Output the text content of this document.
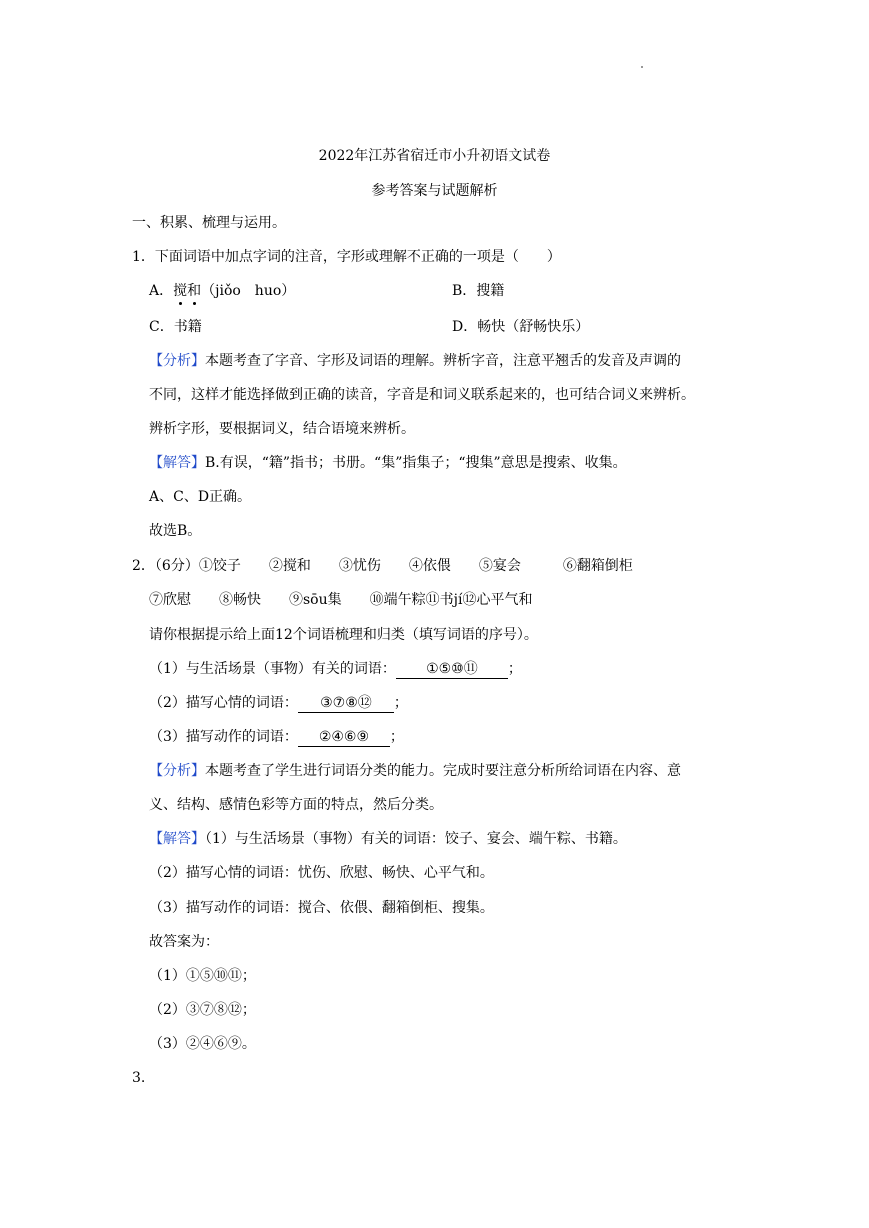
2022年江苏省宿迁市小升初语文试卷
参考答案与试题解析
一、积累、梳理与运用。
1．下面词语中加点字词的注音，字形或理解不正确的一项是（　　）
A．搅和（jiǒo　huo）	B．搜籍
C．书籍	D．畅快（舒畅快乐）
【分析】本题考查了字音、字形及词语的理解。辨析字音，注意平翘舌的发音及声调的
不同，这样才能选择做到正确的读音，字音是和词义联系起来的，也可结合词义来辨析。
辨析字形，要根据词义，结合语境来辨析。
【解答】B.有误，“籍”指书；书册。“集”指集子；“搜集”意思是搜索、收集。
A、C、D正确。
故选B。
2．（6分）①饺子　　②搅和　　③忧伤　　④依偎　　⑤宴会　　　⑥翻箱倒柜
⑦欣慰　　⑧畅快　　⑨sōu集　　⑩端午粽⑪书jí⑫心平气和
请你根据提示给上面12个词语梳理和归类（填写词语的序号）。
（1）与生活场景（事物）有关的词语： ①⑤⑩⑪ ；
（2）描写心情的词语： ③⑦⑧⑫ ；
（3）描写动作的词语： ②④⑥⑨ ；
【分析】本题考查了学生进行词语分类的能力。完成时要注意分析所给词语在内容、意
义、结构、感情色彩等方面的特点，然后分类。
【解答】（1）与生活场景（事物）有关的词语：饺子、宴会、端午粽、书籍。
（2）描写心情的词语：忧伤、欣慰、畅快、心平气和。
（3）描写动作的词语：搅合、依偎、翻箱倒柜、搜集。
故答案为：
（1）①⑤⑩⑪；
（2）③⑦⑧⑫；
（3）②④⑥⑨。
3.
